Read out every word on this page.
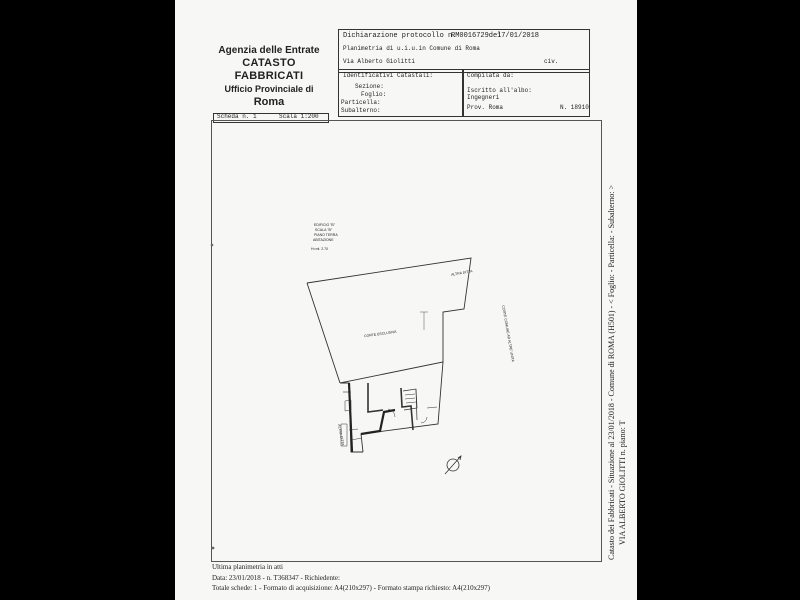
Agenzia delle Entrate
CATASTO FABBRICATI
Ufficio Provinciale di
Roma
Dichiarazione protocollo n.
RM0016729del
17/01/2018
Planimetria di u.i.u.in Comune di Roma
Via Alberto Giolitti	civ.
Identificativi Catastali:
Sezione:
Foglio:
Particella:
Subalterno:
Compilata da:
Iscritto all'albo:
Ingegneri
Prov. Roma	N. 18910
Scheda n. 1	Scala 1:200
EDIFICIO "B"
SCALA "B"
PIANO TERRA
ABITAZIONE
H=ml. 2.70
CORTE ESCLUSIVA
ALTRA DITTA
CORTE COMUNE AD ALTRE UNITA
ALTRA DITTA	Catasto dei Fabbricati - Situazione al 23/01/2018 - Comune di ROMA (H501) - < Foglio: - Particella: - Subalterno: > VIA ALBERTO GIOLITTI n. piano: T
Ultima planimetria in atti
Data: 23/01/2018 - n. T368347 - Richiedente:
Totale schede: 1 - Formato di acquisizione: A4(210x297) - Formato stampa richiesto: A4(210x297)
